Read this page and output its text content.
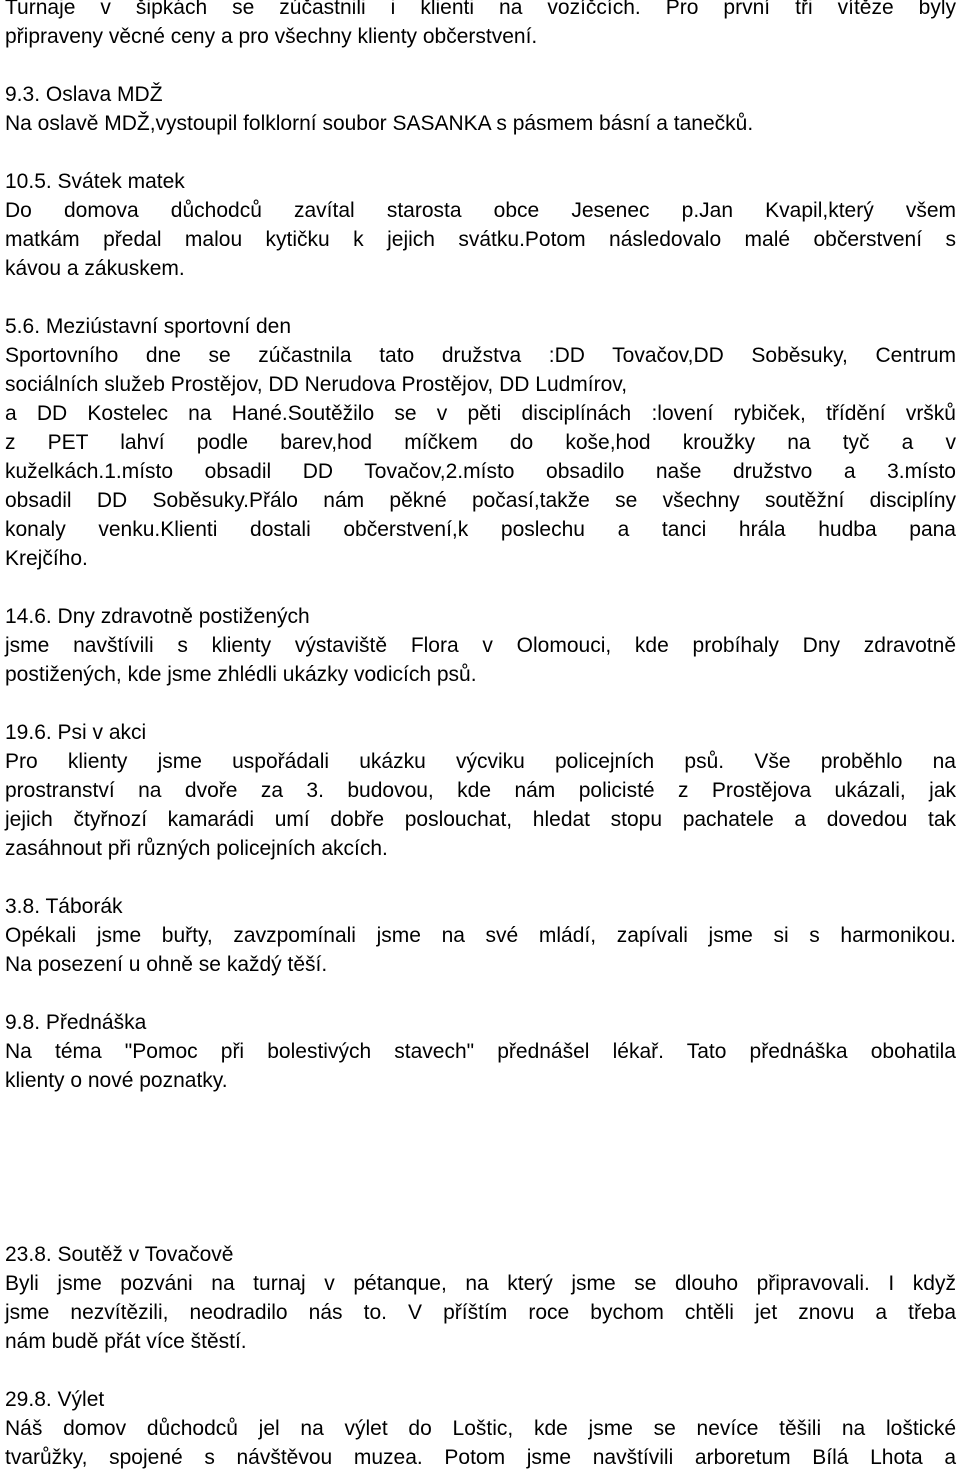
Turnaje v šipkách se zúčastnili i klienti na vozíčcích. Pro první tři vítěze byly
připraveny věcné ceny a pro všechny klienty občerstvení.
9.3. Oslava MDŽ
Na oslavě MDŽ,vystoupil folklorní soubor SASANKA s pásmem básní a tanečků.
10.5. Svátek matek
Do domova důchodců zavítal starosta obce Jesenec p.Jan Kvapil,který všem
matkám předal malou kytičku k jejich svátku.Potom následovalo malé občerstvení s
kávou a zákuskem.
5.6. Meziústavní sportovní den
Sportovního dne se zúčastnila tato družstva :DD Tovačov,DD Soběsuky, Centrum
sociálních služeb Prostějov, DD Nerudova Prostějov, DD Ludmírov,
a DD Kostelec na Hané.Soutěžilo se v pěti disciplínách :lovení rybiček, třídění vršků
z PET lahví podle barev,hod míčkem do koše,hod kroužky na tyč a v
kuželkách.1.místo obsadil DD Tovačov,2.místo obsadilo naše družstvo a 3.místo
obsadil DD Soběsuky.Přálo nám pěkné počasí,takže se všechny soutěžní disciplíny
konaly venku.Klienti dostali občerstvení,k poslechu a tanci hrála hudba pana
Krejčího.
14.6. Dny zdravotně postižených
jsme navštívili s klienty výstaviště Flora v Olomouci, kde probíhaly Dny zdravotně
postižených, kde jsme zhlédli ukázky vodicích psů.
19.6. Psi v akci
Pro klienty jsme uspořádali ukázku výcviku policejních psů. Vše proběhlo na
prostranství na dvoře za 3. budovou, kde nám policisté z Prostějova ukázali, jak
jejich čtyřnozí kamarádi umí dobře poslouchat, hledat stopu pachatele a dovedou tak
zasáhnout při různých policejních akcích.
3.8. Táborák
Opékali jsme buřty, zavzpomínali jsme na své mládí, zapívali jsme si s harmonikou.
Na posezení u ohně se každý těší.
9.8. Přednáška
Na téma "Pomoc při bolestivých stavech" přednášel lékař. Tato přednáška obohatila
klienty o nové poznatky.
23.8. Soutěž v Tovačově
Byli jsme pozváni na turnaj v pétanque, na který jsme se dlouho připravovali. I když
jsme nezvítězili, neodradilo nás to. V příštím roce bychom chtěli jet znovu a třeba
nám budě přát více štěstí.
29.8. Výlet
Náš domov důchodců jel na výlet do Loštic, kde jsme se nevíce těšili na loštické
tvarůžky, spojené s návštěvou muzea. Potom jsme navštívili arboretum Bílá Lhota a
